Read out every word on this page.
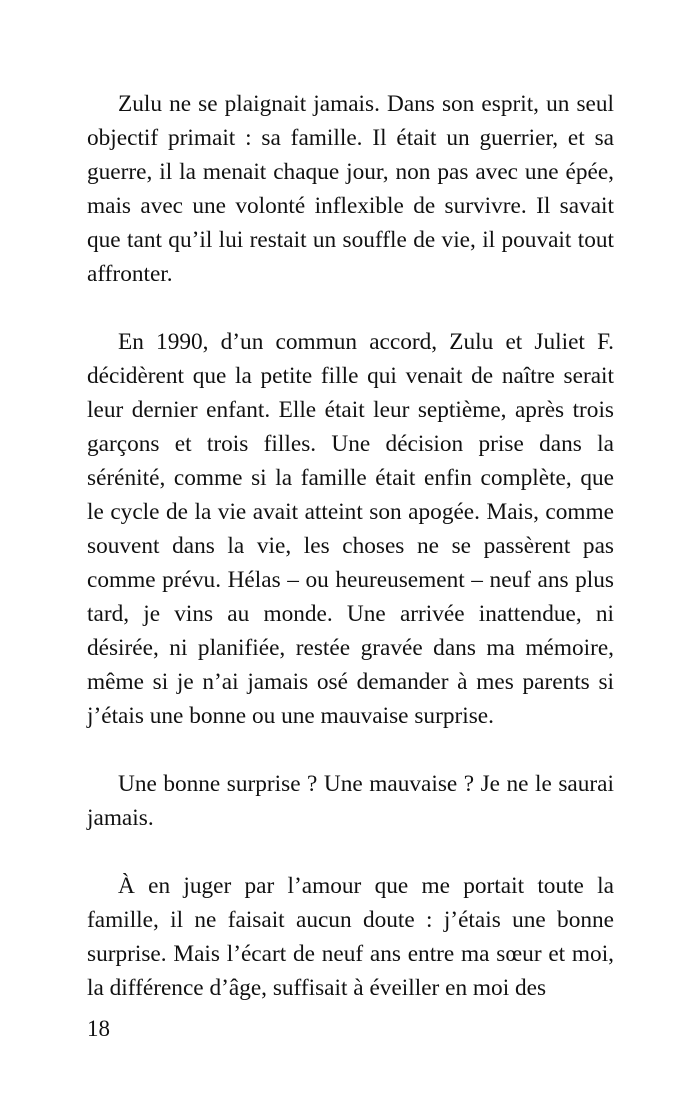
Zulu ne se plaignait jamais. Dans son esprit, un seul objectif primait : sa famille. Il était un guerrier, et sa guerre, il la menait chaque jour, non pas avec une épée, mais avec une volonté inflexible de survivre. Il savait que tant qu’il lui restait un souffle de vie, il pouvait tout affronter.

En 1990, d’un commun accord, Zulu et Juliet F. décidèrent que la petite fille qui venait de naître serait leur dernier enfant. Elle était leur septième, après trois garçons et trois filles. Une décision prise dans la sérénité, comme si la famille était enfin complète, que le cycle de la vie avait atteint son apogée. Mais, comme souvent dans la vie, les choses ne se passèrent pas comme prévu. Hélas – ou heureusement – neuf ans plus tard, je vins au monde. Une arrivée inattendue, ni désirée, ni planifiée, restée gravée dans ma mémoire, même si je n’ai jamais osé demander à mes parents si j’étais une bonne ou une mauvaise surprise.

Une bonne surprise ? Une mauvaise ? Je ne le saurai jamais.

À en juger par l’amour que me portait toute la famille, il ne faisait aucun doute : j’étais une bonne surprise. Mais l’écart de neuf ans entre ma sœur et moi, la différence d’âge, suffisait à éveiller en moi des

18
